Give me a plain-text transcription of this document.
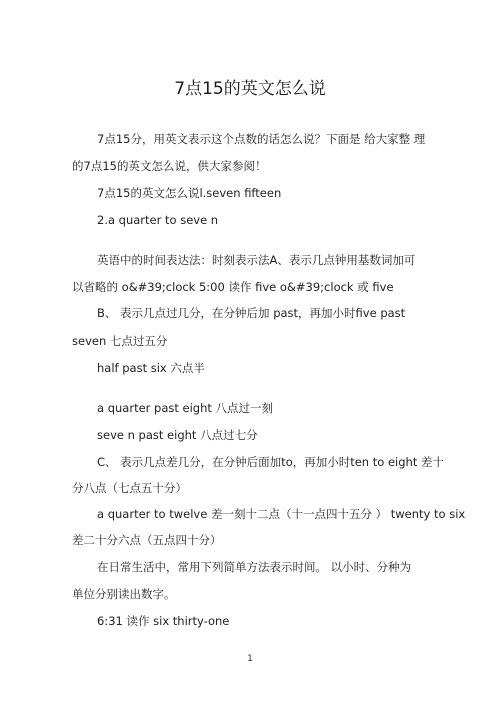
7点15的英文怎么说
7点15分，用英文表示这个点数的话怎么说？下面是 给大家整 理
的7点15的英文怎么说，供大家参阅！
7点15的英文怎么说l.seven fifteen
2.a quarter to seve n
英语中的时间表达法：时刻表示法A、表示几点钟用基数词加可
以省略的 o&#39;clock 5:00 读作 five o&#39;clock 或 five
B、 表示几点过几分，在分钟后加 past，再加小时five past
seven 七点过五分
half past six 六点半
a quarter past eight 八点过一刻
seve n past eight 八点过七分
C、 表示几点差几分，在分钟后面加to，再加小时ten to eight 差十
分八点（七点五十分）
a quarter to twelve 差一刻十二点（十一点四十五分 ） twenty to six
差二十分六点（五点四十分）
在日常生活中，常用下列简单方法表示时间。 以小时、分种为
单位分别读出数字。
6:31 读作 six thirty-one
1
